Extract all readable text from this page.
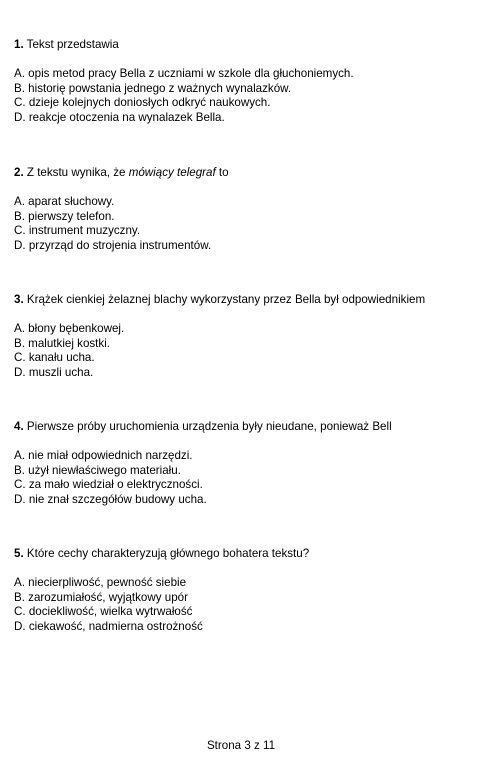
1. Tekst przedstawia
A. opis metod pracy Bella z uczniami w szkole dla głuchoniemych.
B. historię powstania jednego z ważnych wynalazków.
C. dzieje kolejnych doniosłych odkryć naukowych.
D. reakcje otoczenia na wynalazek Bella.
2. Z tekstu wynika, że mówiący telegraf to
A. aparat słuchowy.
B. pierwszy telefon.
C. instrument muzyczny.
D. przyrząd do strojenia instrumentów.
3. Krążek cienkiej żelaznej blachy wykorzystany przez Bella był odpowiednikiem
A. błony bębenkowej.
B. malutkiej kostki.
C. kanału ucha.
D. muszli ucha.
4. Pierwsze próby uruchomienia urządzenia były nieudane, ponieważ Bell
A. nie miał odpowiednich narzędzi.
B. użył niewłaściwego materiału.
C. za mało wiedział o elektryczności.
D. nie znał szczegółów budowy ucha.
5. Które cechy charakteryzują głównego bohatera tekstu?
A. niecierpliwość, pewność siebie
B. zarozumiałość, wyjątkowy upór
C. dociekliwość, wielka wytrwałość
D. ciekawość, nadmierna ostrożność
Strona 3 z 11
